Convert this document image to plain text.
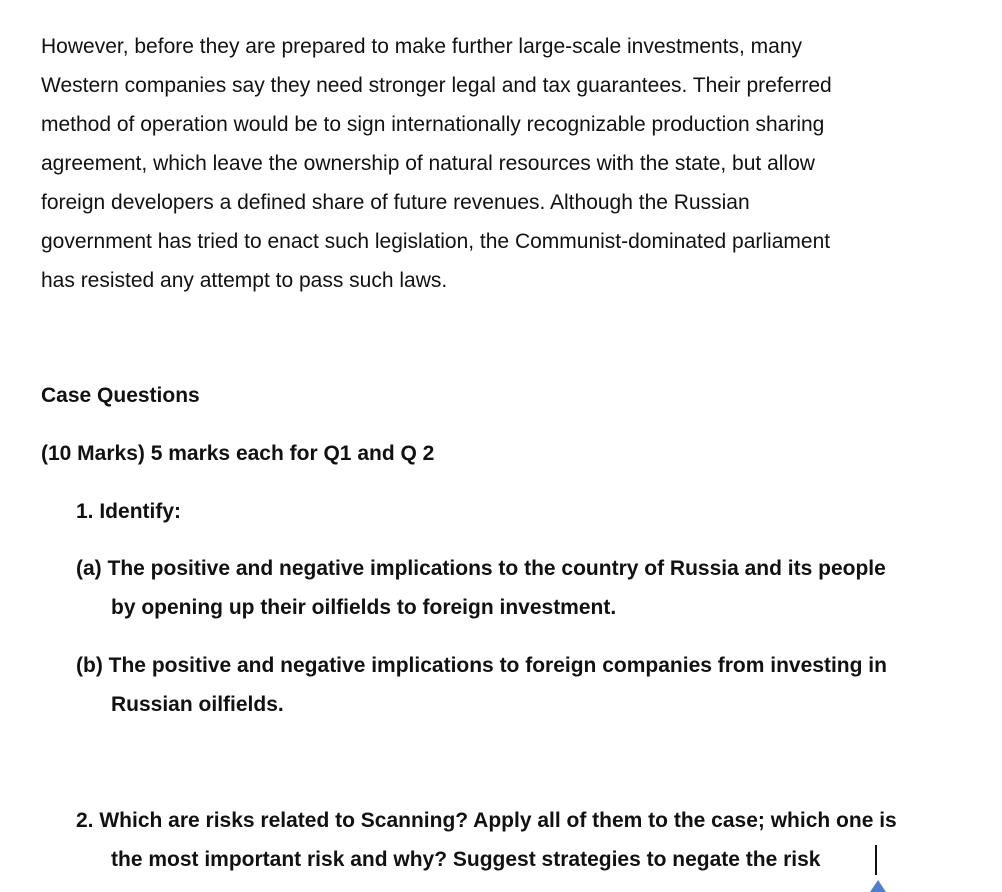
However, before they are prepared to make further large-scale investments, many
Western companies say they need stronger legal and tax guarantees. Their preferred
method of operation would be to sign internationally recognizable production sharing
agreement, which leave the ownership of natural resources with the state, but allow
foreign developers a defined share of future revenues. Although the Russian
government has tried to enact such legislation, the Communist-dominated parliament
has resisted any attempt to pass such laws.
Case Questions
(10 Marks) 5 marks each for Q1 and Q 2
1. Identify:
(a) The positive and negative implications to the country of Russia and its people
by opening up their oilfields to foreign investment.
(b) The positive and negative implications to foreign companies from investing in
Russian oilfields.
2. Which are risks related to Scanning? Apply all of them to the case; which one is
the most important risk and why? Suggest strategies to negate the risk
